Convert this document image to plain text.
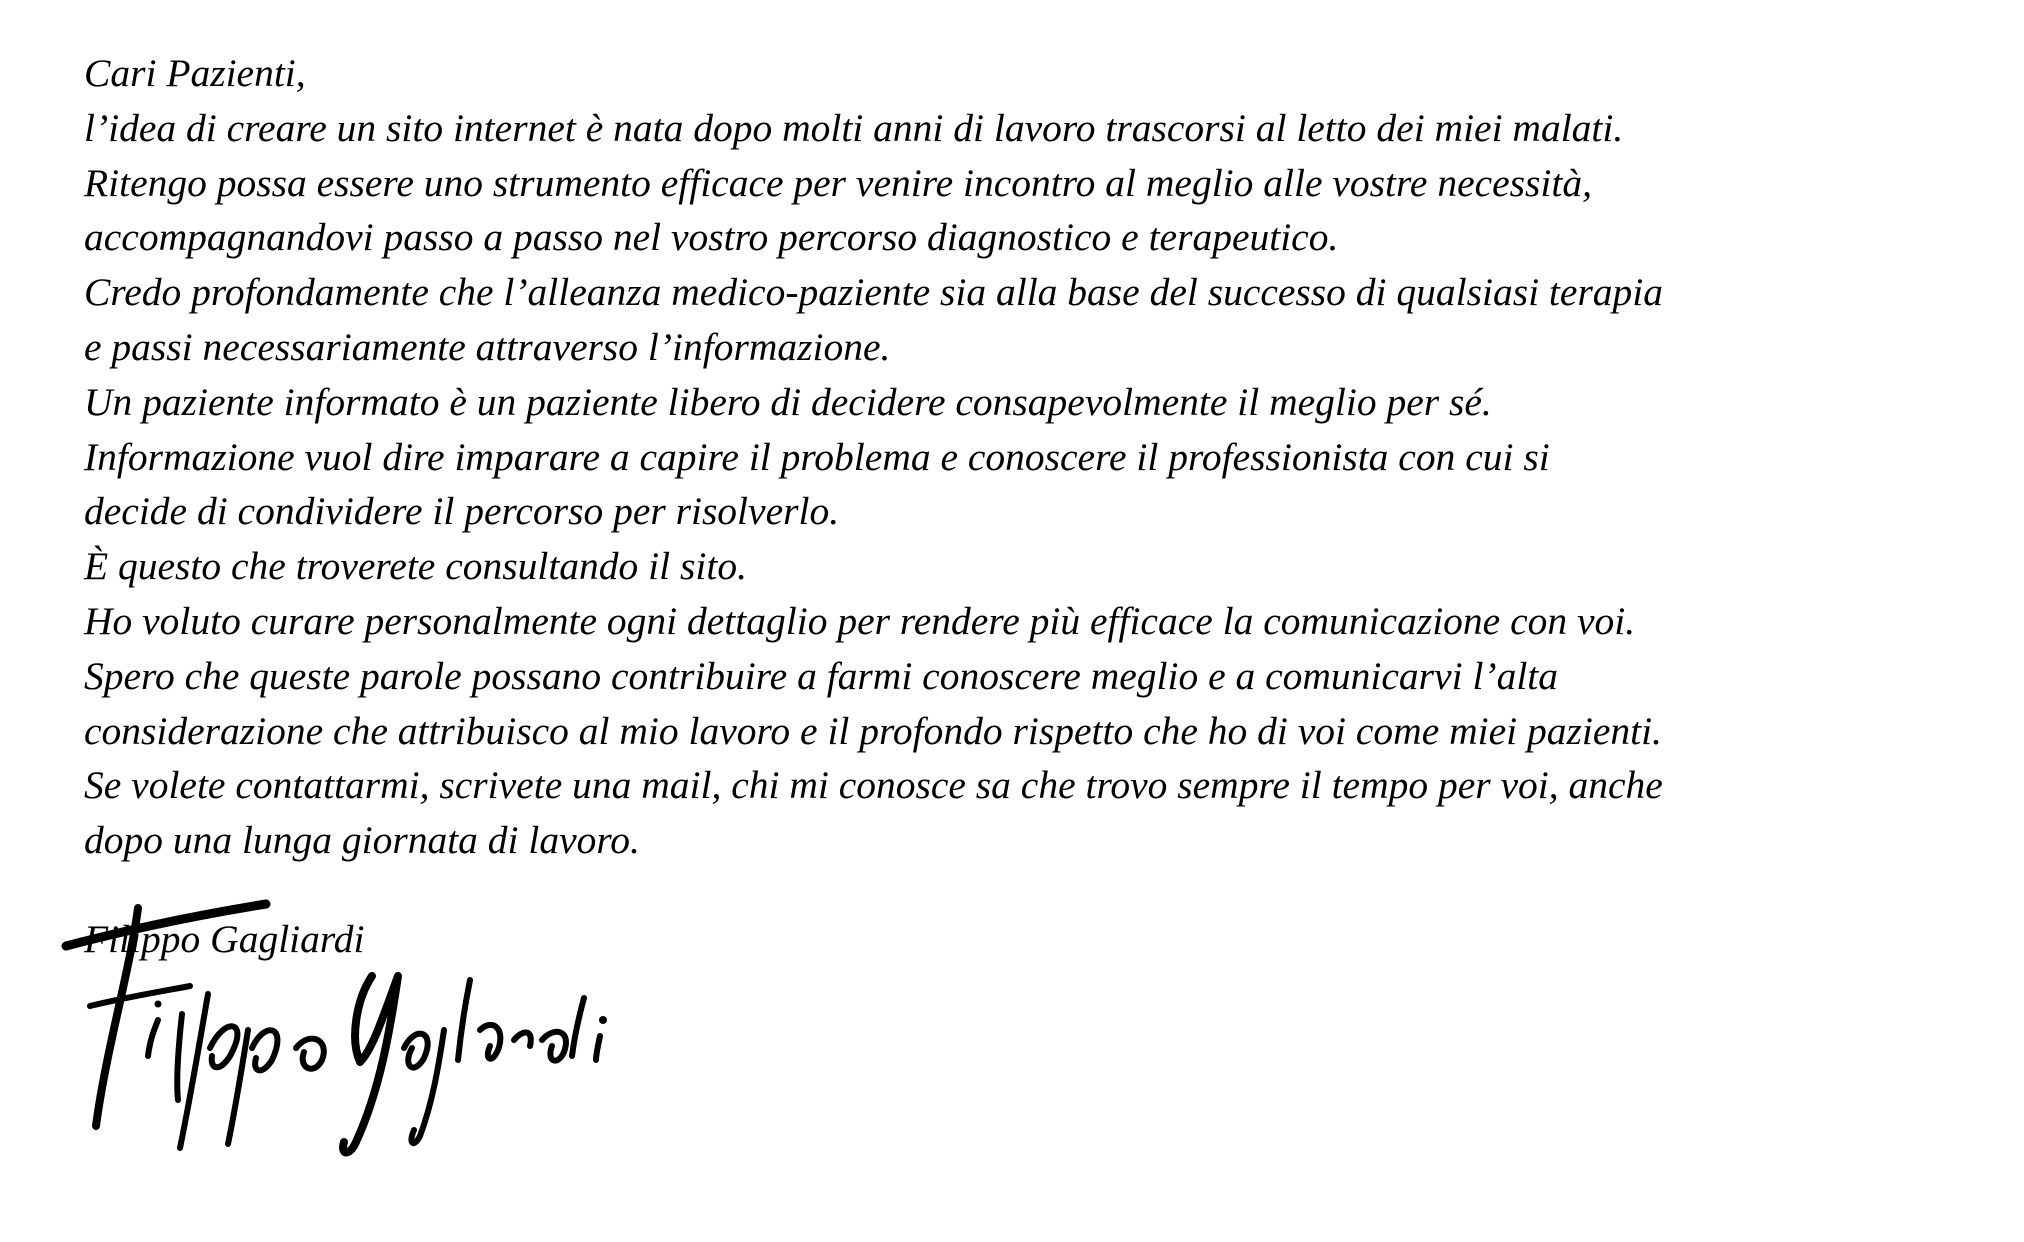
Cari Pazienti,
l’idea di creare un sito internet è nata dopo molti anni di lavoro trascorsi al letto dei miei malati.
Ritengo possa essere uno strumento efficace per venire incontro al meglio alle vostre necessità,
accompagnandovi passo a passo nel vostro percorso diagnostico e terapeutico.
Credo profondamente che l’alleanza medico-paziente sia alla base del successo di qualsiasi terapia
e passi necessariamente attraverso l’informazione.
Un paziente informato è un paziente libero di decidere consapevolmente il meglio per sé.
Informazione vuol dire imparare a capire il problema e conoscere il professionista con cui si
decide di condividere il percorso per risolverlo.
È questo che troverete consultando il sito.
Ho voluto curare personalmente ogni dettaglio per rendere più efficace la comunicazione con voi.
Spero che queste parole possano contribuire a farmi conoscere meglio e a comunicarvi l’alta
considerazione che attribuisco al mio lavoro e il profondo rispetto che ho di voi come miei pazienti.
Se volete contattarmi, scrivete una mail, chi mi conosce sa che trovo sempre il tempo per voi, anche
dopo una lunga giornata di lavoro.
Filippo Gagliardi
